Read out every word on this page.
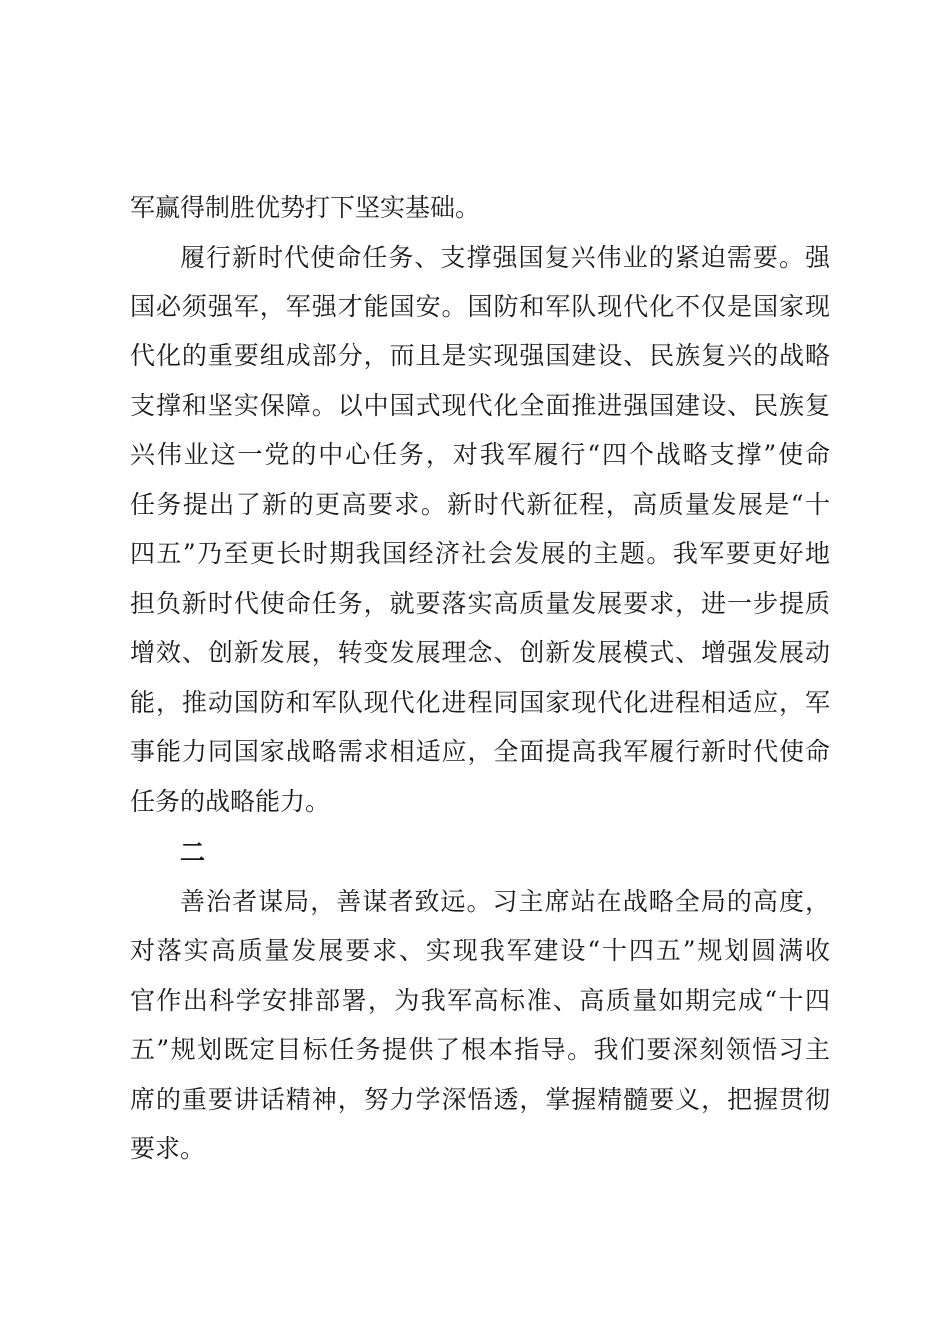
军赢得制胜优势打下坚实基础。
履行新时代使命任务、支撑强国复兴伟业的紧迫需要。强
国必须强军，军强才能国安。国防和军队现代化不仅是国家现
代化的重要组成部分，而且是实现强国建设、民族复兴的战略
支撑和坚实保障。以中国式现代化全面推进强国建设、民族复
兴伟业这一党的中心任务，对我军履行“四个战略支撑”使命
任务提出了新的更高要求。新时代新征程，高质量发展是“十
四五”乃至更长时期我国经济社会发展的主题。我军要更好地
担负新时代使命任务，就要落实高质量发展要求，进一步提质
增效、创新发展，转变发展理念、创新发展模式、增强发展动
能，推动国防和军队现代化进程同国家现代化进程相适应，军
事能力同国家战略需求相适应，全面提高我军履行新时代使命
任务的战略能力。
二
善治者谋局，善谋者致远。习主席站在战略全局的高度，
对落实高质量发展要求、实现我军建设“十四五”规划圆满收
官作出科学安排部署，为我军高标准、高质量如期完成“十四
五”规划既定目标任务提供了根本指导。我们要深刻领悟习主
席的重要讲话精神，努力学深悟透，掌握精髓要义，把握贯彻
要求。
